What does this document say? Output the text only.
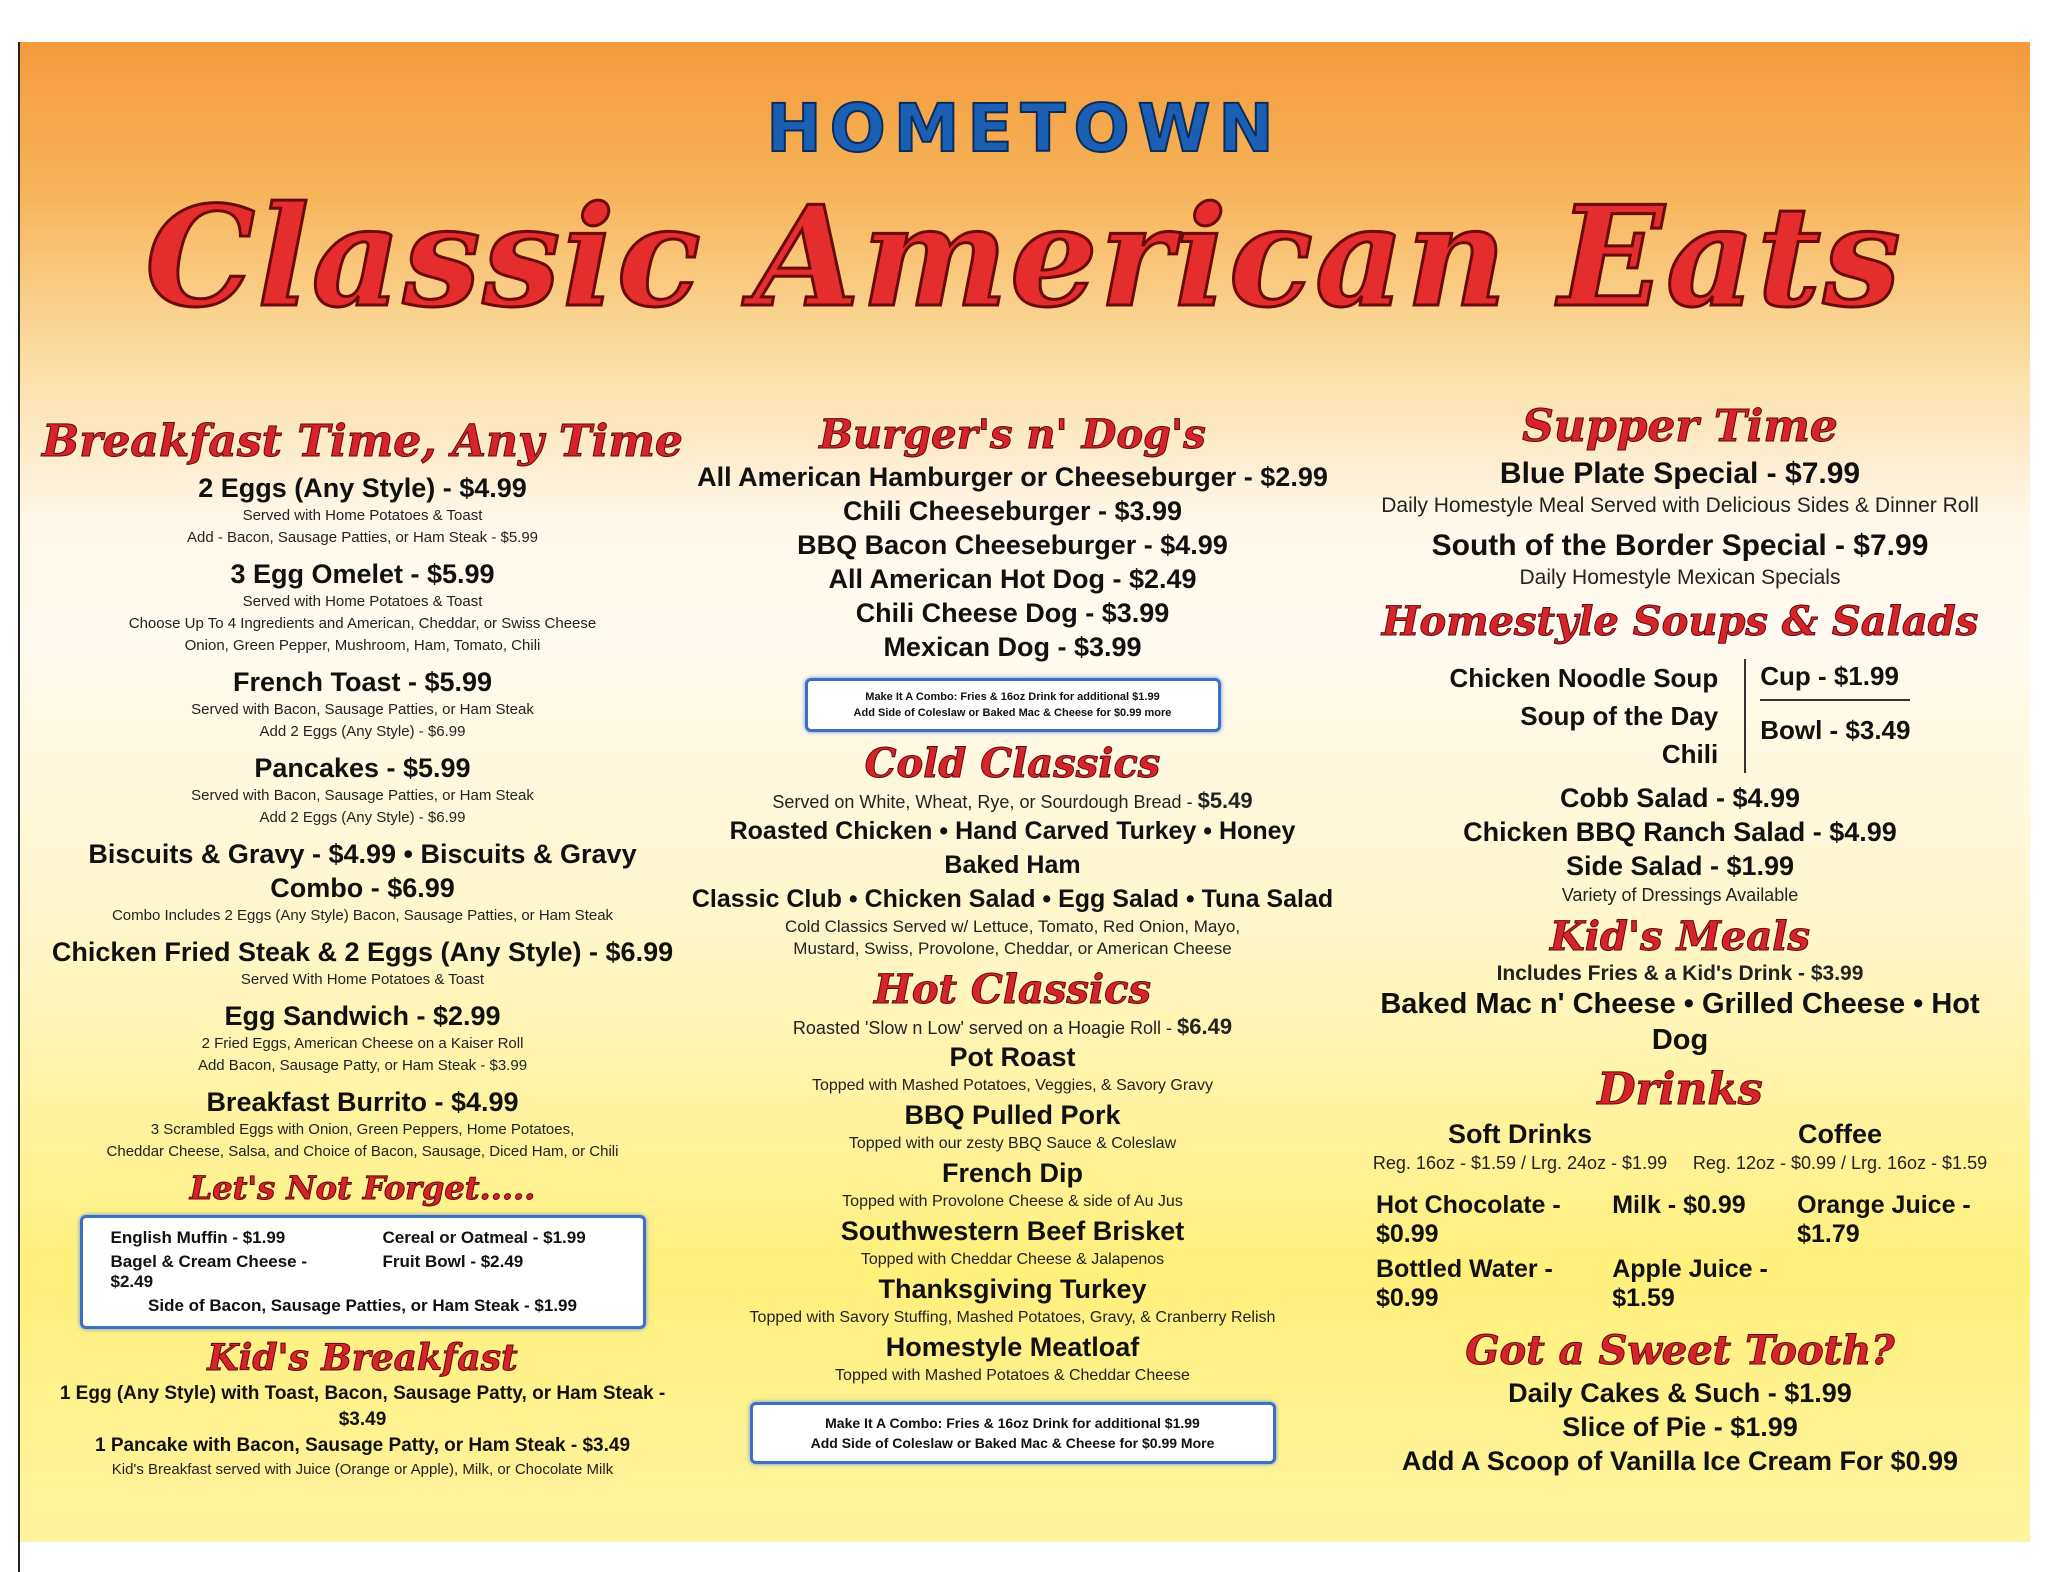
HOMETOWN
Classic American Eats
Breakfast Time, Any Time
2 Eggs (Any Style) - $4.99
Served with Home Potatoes & Toast
Add - Bacon, Sausage Patties, or Ham Steak - $5.99
3 Egg Omelet - $5.99
Served with Home Potatoes & Toast
Choose Up To 4 Ingredients and American, Cheddar, or Swiss Cheese
Onion, Green Pepper, Mushroom, Ham, Tomato, Chili
French Toast - $5.99
Served with Bacon, Sausage Patties, or Ham Steak
Add 2 Eggs (Any Style) - $6.99
Pancakes - $5.99
Served with Bacon, Sausage Patties, or Ham Steak
Add 2 Eggs (Any Style) - $6.99
Biscuits & Gravy - $4.99 • Biscuits & Gravy Combo - $6.99
Combo Includes 2 Eggs (Any Style) Bacon, Sausage Patties, or Ham Steak
Chicken Fried Steak & 2 Eggs (Any Style) - $6.99
Served With Home Potatoes & Toast
Egg Sandwich - $2.99
2 Fried Eggs, American Cheese on a Kaiser Roll
Add Bacon, Sausage Patty, or Ham Steak - $3.99
Breakfast Burrito - $4.99
3 Scrambled Eggs with Onion, Green Peppers, Home Potatoes,
Cheddar Cheese, Salsa, and Choice of Bacon, Sausage, Diced Ham, or Chili
Let's Not Forget.....
English Muffin - $1.99	Cereal or Oatmeal - $1.99
Bagel & Cream Cheese - $2.49
Fruit Bowl - $2.49
Side of Bacon, Sausage Patties, or Ham Steak - $1.99
Kid's Breakfast
1 Egg (Any Style) with Toast, Bacon, Sausage Patty, or Ham Steak - $3.49
1 Pancake with Bacon, Sausage Patty, or Ham Steak - $3.49
Kid's Breakfast served with Juice (Orange or Apple), Milk, or Chocolate Milk
Burger's n' Dog's
All American Hamburger or Cheeseburger - $2.99
Chili Cheeseburger - $3.99
BBQ Bacon Cheeseburger - $4.99
All American Hot Dog - $2.49
Chili Cheese Dog - $3.99
Mexican Dog - $3.99
Make It A Combo: Fries & 16oz Drink for additional $1.99
Add Side of Coleslaw or Baked Mac & Cheese for $0.99 more
Cold Classics
Served on White, Wheat, Rye, or Sourdough Bread - $5.49
Roasted Chicken • Hand Carved Turkey • Honey Baked Ham
Classic Club • Chicken Salad • Egg Salad • Tuna Salad
Cold Classics Served w/ Lettuce, Tomato, Red Onion, Mayo,
Mustard, Swiss, Provolone, Cheddar, or American Cheese
Hot Classics
Roasted 'Slow n Low' served on a Hoagie Roll - $6.49
Pot Roast
Topped with Mashed Potatoes, Veggies, & Savory Gravy
BBQ Pulled Pork
Topped with our zesty BBQ Sauce & Coleslaw
French Dip
Topped with Provolone Cheese & side of Au Jus
Southwestern Beef Brisket
Topped with Cheddar Cheese & Jalapenos
Thanksgiving Turkey
Topped with Savory Stuffing, Mashed Potatoes, Gravy, & Cranberry Relish
Homestyle Meatloaf
Topped with Mashed Potatoes & Cheddar Cheese
Make It A Combo: Fries & 16oz Drink for additional $1.99
Add Side of Coleslaw or Baked Mac & Cheese for $0.99 More
Supper Time
Blue Plate Special - $7.99
Daily Homestyle Meal Served with Delicious Sides & Dinner Roll
South of the Border Special - $7.99
Daily Homestyle Mexican Specials
Homestyle Soups & Salads
Chicken Noodle Soup
Soup of the Day
Chili
Cup - $1.99
Bowl - $3.49
Cobb Salad - $4.99
Chicken BBQ Ranch Salad - $4.99
Side Salad - $1.99
Variety of Dressings Available
Kid's Meals
Includes Fries & a Kid's Drink - $3.99
Baked Mac n' Cheese • Grilled Cheese • Hot Dog
Drinks
Soft Drinks
Reg. 16oz - $1.59 / Lrg. 24oz - $1.99
Coffee
Reg. 12oz - $0.99 / Lrg. 16oz - $1.59
Hot Chocolate - $0.99
Milk - $0.99	Orange Juice - $1.79
Bottled Water - $0.99
Apple Juice - $1.59
Got a Sweet Tooth?
Daily Cakes & Such - $1.99
Slice of Pie - $1.99
Add A Scoop of Vanilla Ice Cream For $0.99
